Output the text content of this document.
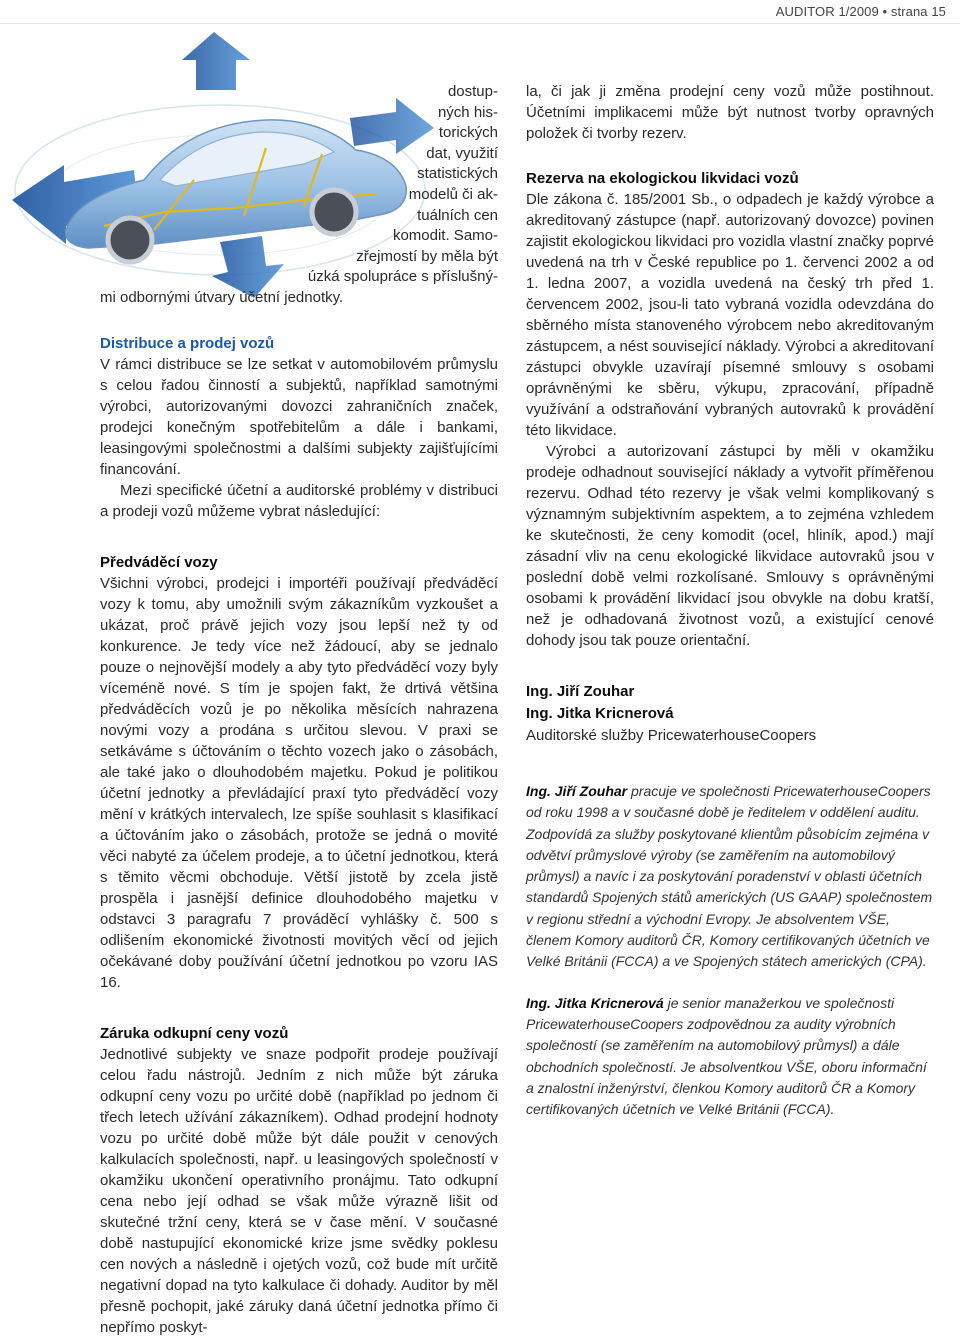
AUDITOR 1/2009 • strana 15
dostup-
ných his-
torických
dat, využití
statistických
modelů či ak-
tuálních cen
komodit. Samo-
zřejmostí by měla být
úzká spolupráce s příslušný-
mi odbornými útvary účetní jednotky.
Distribuce a prodej vozů

V rámci distribuce se lze setkat v automobilovém průmyslu s celou řadou činností a subjektů, například samotnými výrobci, autorizovanými dovozci zahraničních značek, prodejci konečným spotřebitelům a dále i bankami, leasingovými společnostmi a dalšími subjekty zajišťujícími financování.

Mezi specifické účetní a auditorské problémy v distribuci a prodeji vozů můžeme vybrat následující:

Předváděcí vozy

Všichni výrobci, prodejci i importéři používají předváděcí vozy k tomu, aby umožnili svým zákazníkům vyzkoušet a ukázat, proč právě jejich vozy jsou lepší než ty od konkurence. Je tedy více než žádoucí, aby se jednalo pouze o nejnovější modely a aby tyto předváděcí vozy byly víceméně nové. S tím je spojen fakt, že drtivá většina předváděcích vozů je po několika měsících nahrazena novými vozy a prodána s určitou slevou. V praxi se setkáváme s účtováním o těchto vozech jako o zásobách, ale také jako o dlouhodobém majetku. Pokud je politikou účetní jednotky a převládající praxí tyto předváděcí vozy mění v krátkých intervalech, lze spíše souhlasit s klasifikací a účtováním jako o zásobách, protože se jedná o movité věci nabyté za účelem prodeje, a to účetní jednotkou, která s těmito věcmi obchoduje. Větší jistotě by zcela jistě prospěla i jasnější definice dlouhodobého majetku v odstavci 3 paragrafu 7 prováděcí vyhlášky č. 500 s odlišením ekonomické životnosti movitých věcí od jejich očekávané doby používání účetní jednotkou po vzoru IAS 16.

Záruka odkupní ceny vozů

Jednotlivé subjekty ve snaze podpořit prodeje používají celou řadu nástrojů. Jedním z nich může být záruka odkupní ceny vozu po určité době (například po jednom či třech letech užívání zákazníkem). Odhad prodejní hodnoty vozu po určité době může být dále použit v cenových kalkulacích společnosti, např. u leasingových společností v okamžiku ukončení operativního pronájmu. Tato odkupní cena nebo její odhad se však může výrazně lišit od skutečné tržní ceny, která se v čase mění. V současné době nastupující ekonomické krize jsme svědky poklesu cen nových a následně i ojetých vozů, což bude mít určitě negativní dopad na tyto kalkulace či dohady. Auditor by měl přesně pochopit, jaké záruky daná účetní jednotka přímo či nepřímo poskyt-

la, či jak ji změna prodejní ceny vozů může postihnout. Účetními implikacemi může být nutnost tvorby opravných položek či tvorby rezerv.

Rezerva na ekologickou likvidaci vozů

Dle zákona č. 185/2001 Sb., o odpadech je každý výrobce a akreditovaný zástupce (např. autorizovaný dovozce) povinen zajistit ekologickou likvidaci pro vozidla vlastní značky poprvé uvedená na trh v České republice po 1. červenci 2002 a od 1. ledna 2007, a vozidla uvedená na český trh před 1. červencem 2002, jsou-li tato vybraná vozidla odevzdána do sběrného místa stanoveného výrobcem nebo akreditovaným zástupcem, a nést související náklady. Výrobci a akreditovaní zástupci obvykle uzavírají písemné smlouvy s osobami oprávněnými ke sběru, výkupu, zpracování, případně využívání a odstraňování vybraných autovraků k provádění této likvidace.

Výrobci a autorizovaní zástupci by měli v okamžiku prodeje odhadnout související náklady a vytvořit příměřenou rezervu. Odhad této rezervy je však velmi komplikovaný s významným subjektivním aspektem, a to zejména vzhledem ke skutečnosti, že ceny komodit (ocel, hliník, apod.) mají zásadní vliv na cenu ekologické likvidace autovraků jsou v poslední době velmi rozkolísané. Smlouvy s oprávněnými osobami k provádění likvidací jsou obvykle na dobu kratší, než je odhadovaná životnost vozů, a existující cenové dohody jsou tak pouze orientační.

Ing. Jiří Zouhar
Ing. Jitka Kricnerová
Auditorské služby PricewaterhouseCoopers

Ing. Jiří Zouhar pracuje ve společnosti PricewaterhouseCoopers od roku 1998 a v současné době je ředitelem v oddělení auditu. Zodpovídá za služby poskytované klientům působícím zejména v odvětví průmyslové výroby (se zaměřením na automobilový průmysl) a navíc i za poskytování poradenství v oblasti účetních standardů Spojených států amerických (US GAAP) společnostem v regionu střední a východní Evropy. Je absolventem VŠE, členem Komory auditorů ČR, Komory certifikovaných účetních ve Velké Británii (FCCA) a ve Spojených státech amerických (CPA).

Ing. Jitka Kricnerová je senior manažerkou ve společnosti PricewaterhouseCoopers zodpovědnou za audity výrobních společností (se zaměřením na automobilový průmysl) a dále obchodních společností. Je absolventkou VŠE, oboru informační a znalostní inženýrství, členkou Komory auditorů ČR a Komory certifikovaných účetních ve Velké Británii (FCCA).
